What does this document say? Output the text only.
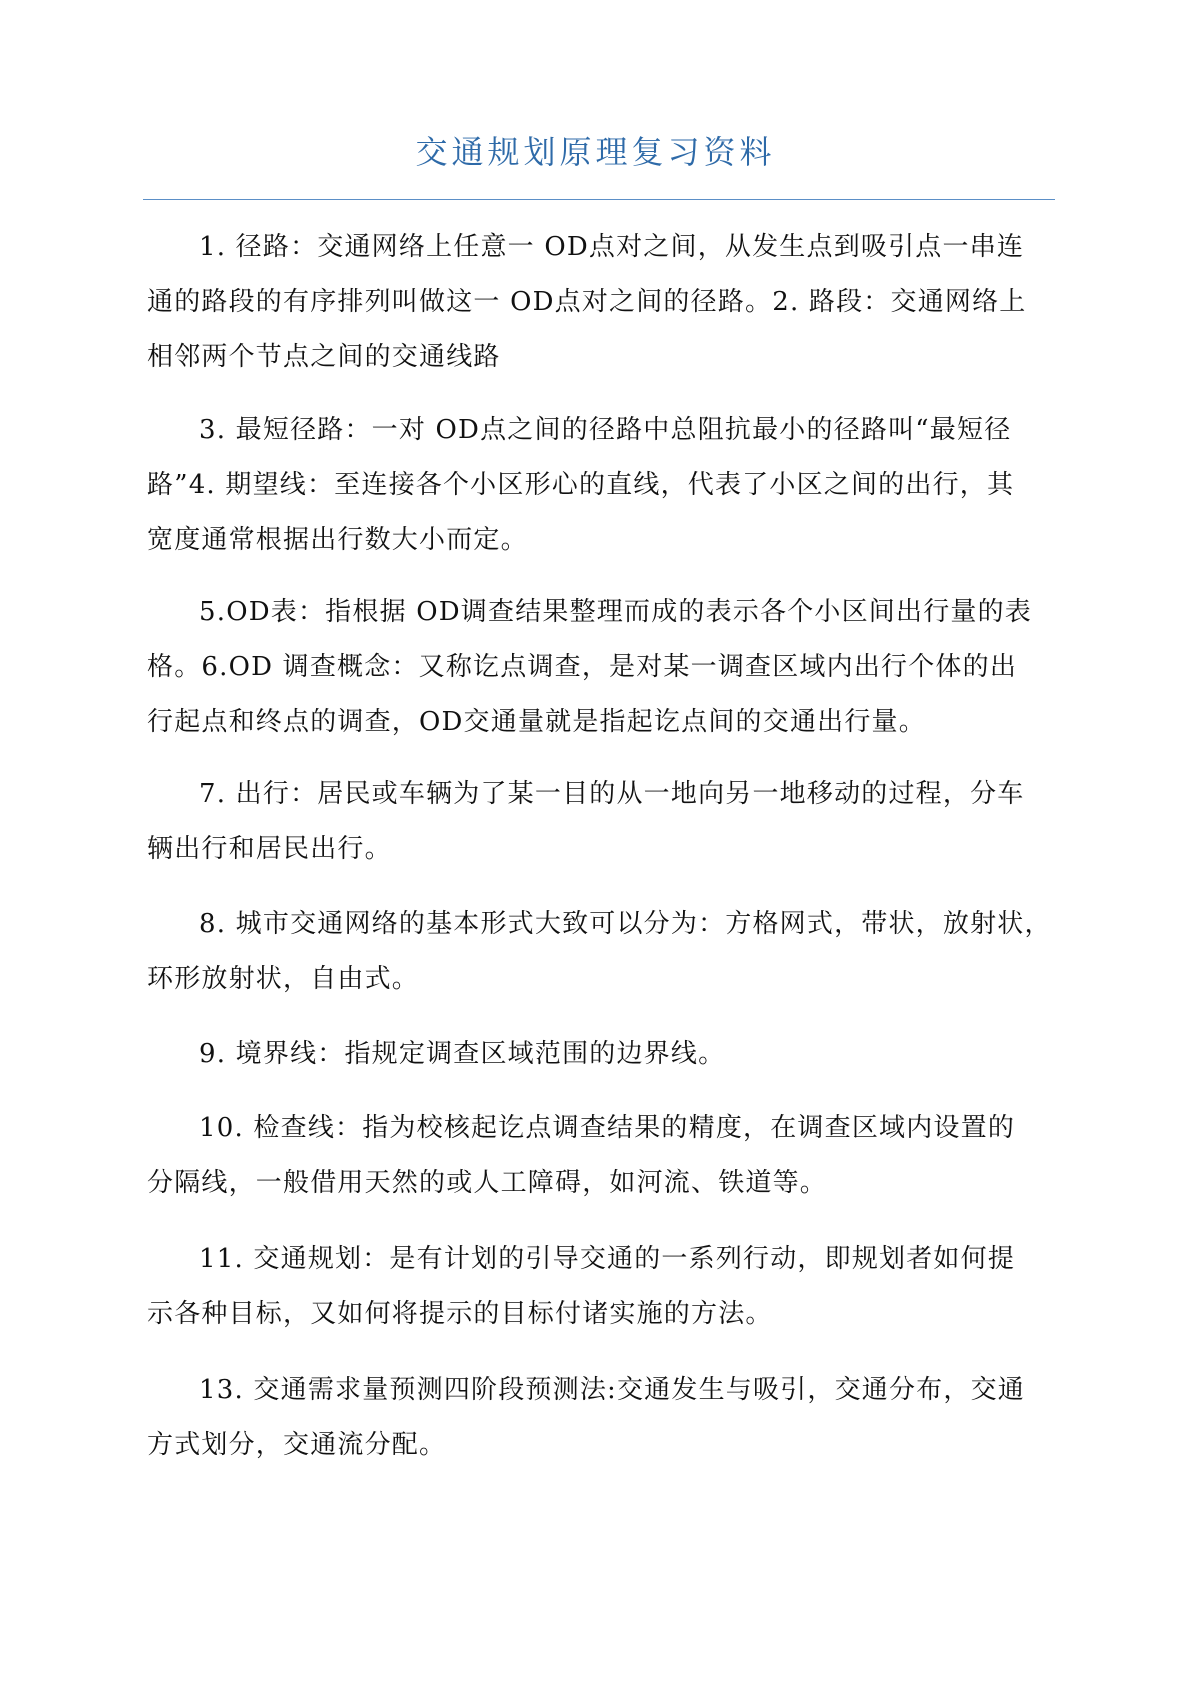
交通规划原理复习资料
1. 径路：交通网络上任意一 OD点对之间，从发生点到吸引点一串连
通的路段的有序排列叫做这一 OD点对之间的径路。2. 路段：交通网络上
相邻两个节点之间的交通线路
3. 最短径路：一对 OD点之间的径路中总阻抗最小的径路叫“最短径
路”4. 期望线：至连接各个小区形心的直线，代表了小区之间的出行，其
宽度通常根据出行数大小而定。
5.OD表：指根据 OD调查结果整理而成的表示各个小区间出行量的表
格。6.OD 调查概念：又称讫点调查，是对某一调查区域内出行个体的出
行起点和终点的调查，OD交通量就是指起讫点间的交通出行量。
7. 出行：居民或车辆为了某一目的从一地向另一地移动的过程，分车
辆出行和居民出行。
8. 城市交通网络的基本形式大致可以分为：方格网式，带状，放射状，
环形放射状，自由式。
9. 境界线：指规定调查区域范围的边界线。
10. 检查线：指为校核起讫点调查结果的精度，在调查区域内设置的
分隔线，一般借用天然的或人工障碍，如河流、铁道等。
11. 交通规划：是有计划的引导交通的一系列行动，即规划者如何提
示各种目标，又如何将提示的目标付诸实施的方法。
13. 交通需求量预测四阶段预测法:交通发生与吸引，交通分布，交通
方式划分，交通流分配。
